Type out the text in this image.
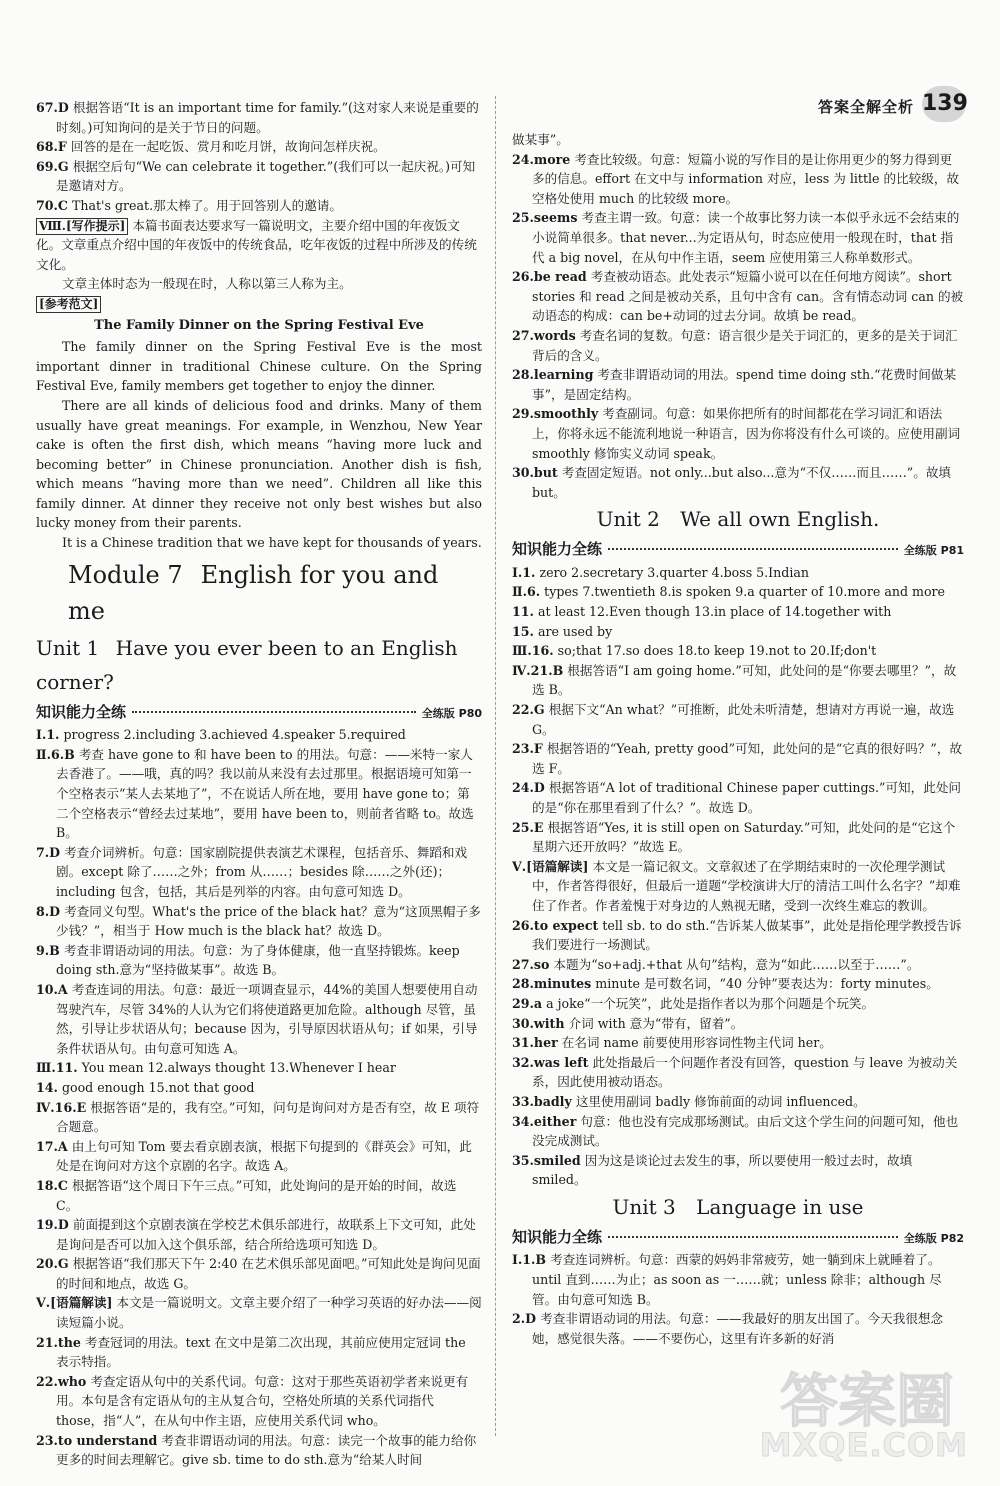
答案全解全析 139

67.D 根据答语“It is an important time for family.”(这对家人来说是重要的时刻。)可知询问的是关于节日的问题。

68.F 回答的是在一起吃饭、赏月和吃月饼，故询问怎样庆祝。

69.G 根据空后句“We can celebrate it together.”(我们可以一起庆祝。)可知是邀请对方。

70.C That's great.那太棒了。用于回答别人的邀请。

Ⅷ.[写作提示] 本篇书面表达要求写一篇说明文，主要介绍中国的年夜饭文化。文章重点介绍中国的年夜饭中的传统食品，吃年夜饭的过程中所涉及的传统文化。

文章主体时态为一般现在时，人称以第三人称为主。

[参考范文]

The Family Dinner on the Spring Festival Eve

The family dinner on the Spring Festival Eve is the most important dinner in traditional Chinese culture. On the Spring Festival Eve, family members get together to enjoy the dinner.

There are all kinds of delicious food and drinks. Many of them usually have great meanings. For example, in Wenzhou, New Year cake is often the first dish, which means “having more luck and becoming better” in Chinese pronunciation. Another dish is fish, which means “having more than we need”. Children all like this family dinner. At dinner they receive not only best wishes but also lucky money from their parents.

It is a Chinese tradition that we have kept for thousands of years.

Module 7 English for you and me
Unit 1 Have you ever been to an English corner?
知识能力全练	全练版 P80

Ⅰ.1. progress 2.including 3.achieved 4.speaker 5.required

Ⅱ.6.B 考查 have gone to 和 have been to 的用法。句意：——米特一家人去香港了。——哦，真的吗？我以前从来没有去过那里。根据语境可知第一个空格表示“某人去某地了”，不在说话人所在地，要用 have gone to；第二个空格表示“曾经去过某地”，要用 have been to，则前者省略 to。故选 B。

7.D 考查介词辨析。句意：国家剧院提供表演艺术课程，包括音乐、舞蹈和戏剧。except 除了……之外；from 从……；besides 除……之外(还)；including 包含，包括，其后是列举的内容。由句意可知选 D。

8.D 考查同义句型。What's the price of the black hat？意为“这顶黑帽子多少钱？”，相当于 How much is the black hat？故选 D。

9.B 考查非谓语动词的用法。句意：为了身体健康，他一直坚持锻炼。keep doing sth.意为“坚持做某事”。故选 B。

10.A 考查连词的用法。句意：最近一项调查显示，44%的美国人想要使用自动驾驶汽车，尽管 34%的人认为它们将使道路更加危险。although 尽管，虽然，引导让步状语从句；because 因为，引导原因状语从句；if 如果，引导条件状语从句。由句意可知选 A。

Ⅲ.11. You mean 12.always thought 13.Whenever I hear

14. good enough 15.not that good

Ⅳ.16.E 根据答语“是的，我有空。”可知，问句是询问对方是否有空，故 E 项符合题意。

17.A 由上句可知 Tom 要去看京剧表演，根据下句提到的《群英会》可知，此处是在询问对方这个京剧的名字。故选 A。

18.C 根据答语“这个周日下午三点。”可知，此处询问的是开始的时间，故选 C。

19.D 前面提到这个京剧表演在学校艺术俱乐部进行，故联系上下文可知，此处是询问是否可以加入这个俱乐部，结合所给选项可知选 D。

20.G 根据答语“我们那天下午 2:40 在艺术俱乐部见面吧。”可知此处是询问见面的时间和地点，故选 G。

Ⅴ.[语篇解读] 本文是一篇说明文。文章主要介绍了一种学习英语的好办法——阅读短篇小说。

21.the 考查冠词的用法。text 在文中是第二次出现，其前应使用定冠词 the 表示特指。

22.who 考查定语从句中的关系代词。句意：这对于那些英语初学者来说更有用。本句是含有定语从句的主从复合句，空格处所填的关系代词指代 those，指“人”，在从句中作主语，应使用关系代词 who。

23.to understand 考查非谓语动词的用法。句意：读完一个故事的能力给你更多的时间去理解它。give sb. time to do sth.意为“给某人时间

做某事”。

24.more 考查比较级。句意：短篇小说的写作目的是让你用更少的努力得到更多的信息。effort 在文中与 information 对应，less 为 little 的比较级，故空格处使用 much 的比较级 more。

25.seems 考查主谓一致。句意：读一个故事比努力读一本似乎永远不会结束的小说简单很多。that never...为定语从句，时态应使用一般现在时，that 指代 a big novel，在从句中作主语，seem 应使用第三人称单数形式。

26.be read 考查被动语态。此处表示“短篇小说可以在任何地方阅读”。short stories 和 read 之间是被动关系，且句中含有 can。含有情态动词 can 的被动语态的构成：can be+动词的过去分词。故填 be read。

27.words 考查名词的复数。句意：语言很少是关于词汇的，更多的是关于词汇背后的含义。

28.learning 考查非谓语动词的用法。spend time doing sth.“花费时间做某事”，是固定结构。

29.smoothly 考查副词。句意：如果你把所有的时间都花在学习词汇和语法上，你将永远不能流利地说一种语言，因为你将没有什么可谈的。应使用副词 smoothly 修饰实义动词 speak。

30.but 考查固定短语。not only...but also...意为“不仅……而且……”。故填 but。

Unit 2 We all own English.
知识能力全练	全练版 P81

Ⅰ.1. zero 2.secretary 3.quarter 4.boss 5.Indian

Ⅱ.6. types 7.twentieth 8.is spoken 9.a quarter of 10.more and more

11. at least 12.Even though 13.in place of 14.together with

15. are used by

Ⅲ.16. so;that 17.so does 18.to keep 19.not to 20.If;don't

Ⅳ.21.B 根据答语“I am going home.”可知，此处问的是“你要去哪里？”，故选 B。

22.G 根据下文“An what？”可推断，此处未听清楚，想请对方再说一遍，故选 G。

23.F 根据答语的“Yeah, pretty good”可知，此处问的是“它真的很好吗？”，故选 F。

24.D 根据答语“A lot of traditional Chinese paper cuttings.”可知，此处问的是“你在那里看到了什么？”。故选 D。

25.E 根据答语“Yes, it is still open on Saturday.”可知，此处问的是“它这个星期六还开放吗？”故选 E。

Ⅴ.[语篇解读] 本文是一篇记叙文。文章叙述了在学期结束时的一次伦理学测试中，作者答得很好，但最后一道题“学校演讲大厅的清洁工叫什么名字？”却难住了作者。作者羞愧于对身边的人熟视无睹，受到一次终生难忘的教训。

26.to expect tell sb. to do sth.“告诉某人做某事”，此处是指伦理学教授告诉我们要进行一场测试。

27.so 本题为“so+adj.+that 从句”结构，意为“如此……以至于……”。

28.minutes minute 是可数名词，“40 分钟”要表达为：forty minutes。

29.a a joke“一个玩笑”，此处是指作者以为那个问题是个玩笑。

30.with 介词 with 意为“带有，留着”。

31.her 在名词 name 前要使用形容词性物主代词 her。

32.was left 此处指最后一个问题作者没有回答，question 与 leave 为被动关系，因此使用被动语态。

33.badly 这里使用副词 badly 修饰前面的动词 influenced。

34.either 句意：他也没有完成那场测试。由后文这个学生问的问题可知，他也没完成测试。

35.smiled 因为这是谈论过去发生的事，所以要使用一般过去时，故填 smiled。

Unit 3 Language in use
知识能力全练	全练版 P82

Ⅰ.1.B 考查连词辨析。句意：西蒙的妈妈非常疲劳，她一躺到床上就睡着了。until 直到……为止；as soon as 一……就；unless 除非；although 尽管。由句意可知选 B。

2.D 考查非谓语动词的用法。句意：——我最好的朋友出国了。今天我很想念她，感觉很失落。——不要伤心，这里有许多新的好消

答案圈
MXQE.COM
